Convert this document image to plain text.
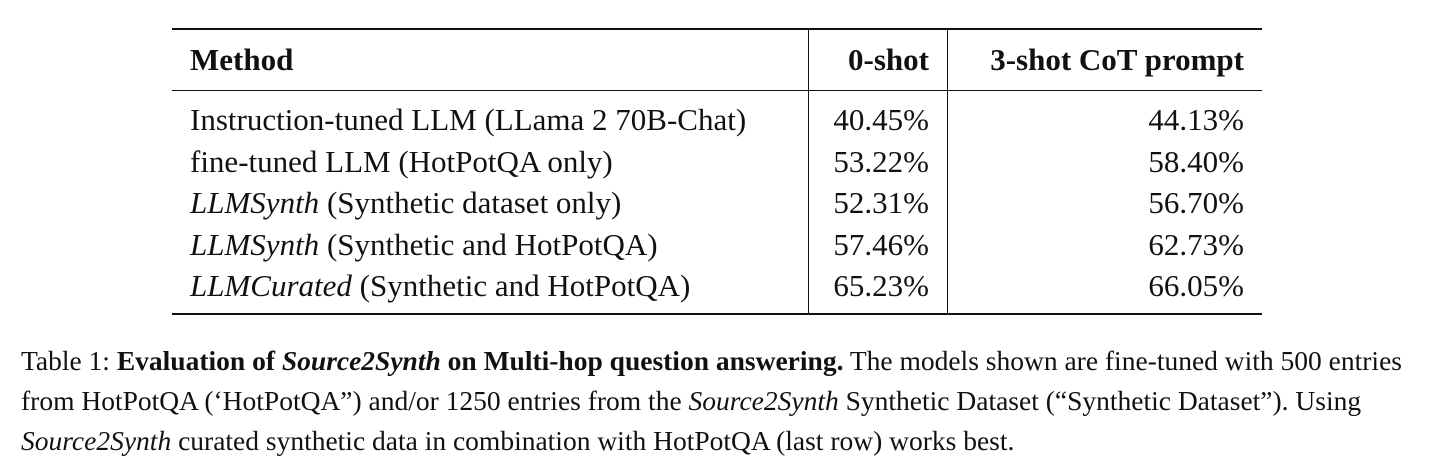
Method	0-shot	3-shot CoT prompt
Instruction-tuned LLM (LLama 2 70B-Chat)	40.45%	44.13%
fine-tuned LLM (HotPotQA only)	53.22%	58.40%
LLMSynth (Synthetic dataset only)	52.31%	56.70%
LLMSynth (Synthetic and HotPotQA)	57.46%	62.73%
LLMCurated (Synthetic and HotPotQA)	65.23%	66.05%
Table 1: Evaluation of Source2Synth on Multi-hop question answering. The models shown are fine-tuned with 500 entries from HotPotQA (‘HotPotQA”) and/or 1250 entries from the Source2Synth Synthetic Dataset (“Synthetic Dataset”). Using Source2Synth curated synthetic data in combination with HotPotQA (last row) works best.
